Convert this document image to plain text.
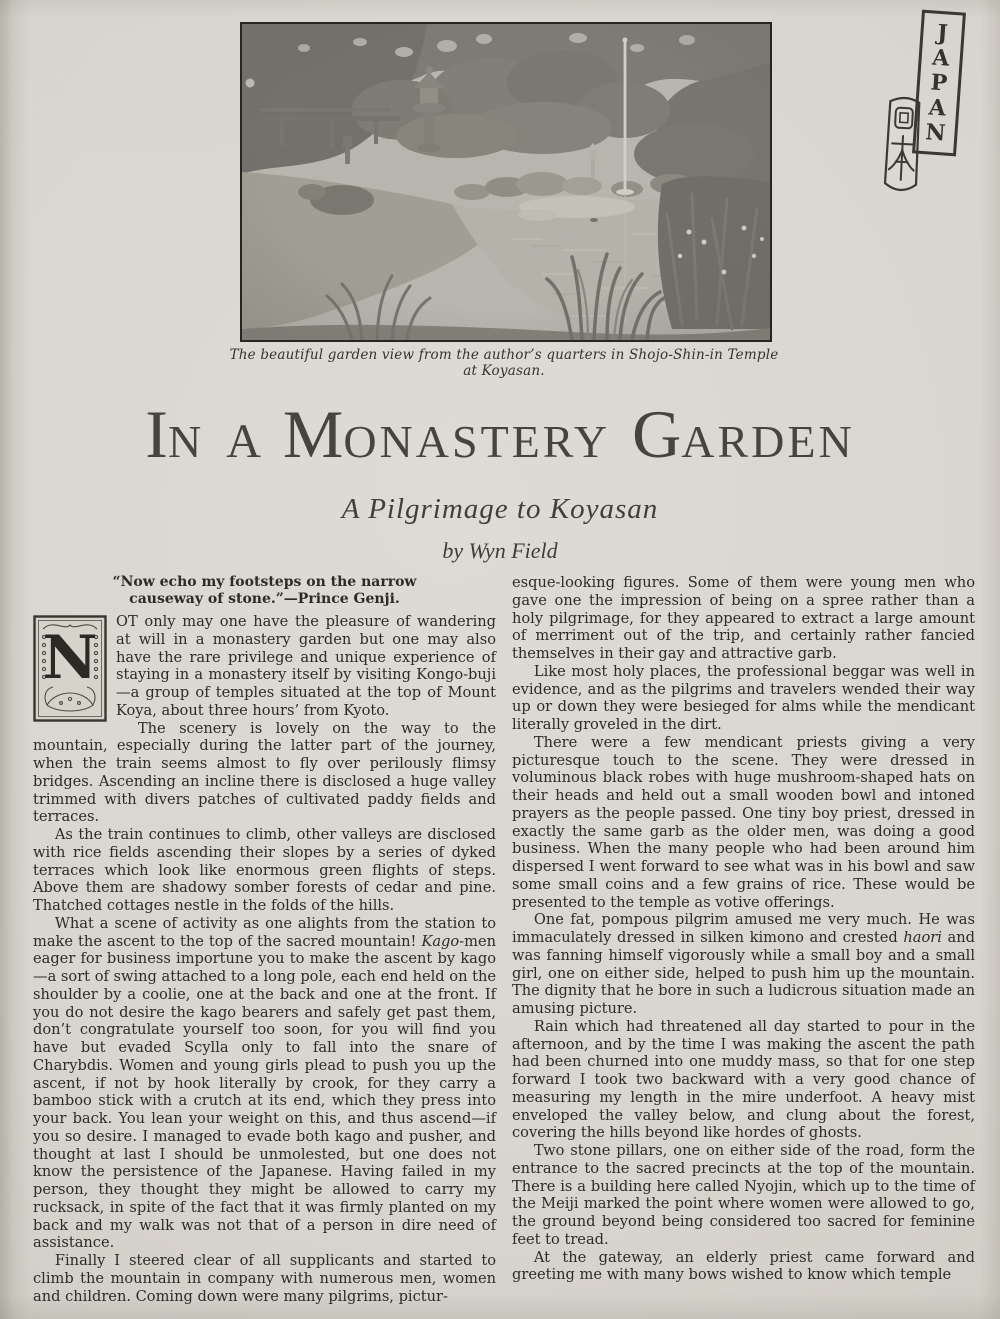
The beautiful garden view from the author’s quarters in Shojo-Shin-in Temple at Koyasan.
J
A
P
A
N
IN A MONASTERY GARDEN
A Pilgrimage to Koyasan
by Wyn Field
“Now echo my footsteps on the narrow
causeway of stone.”—Prince Genji.

N
OT only may one have the pleasure of wandering at will in a monastery garden but one may also have the rare privilege and unique experience of staying in a monastery itself by visiting Kongo-buji—a group of temples situated at the top of Mount Koya, about three hours’ from Kyoto.

The scenery is lovely on the way to the mountain, especially during the latter part of the journey, when the train seems almost to fly over perilously flimsy bridges. Ascending an incline there is disclosed a huge valley trimmed with divers patches of cultivated paddy fields and terraces.

As the train continues to climb, other valleys are disclosed with rice fields ascending their slopes by a series of dyked terraces which look like enormous green flights of steps. Above them are shadowy somber forests of cedar and pine. Thatched cottages nestle in the folds of the hills.

What a scene of activity as one alights from the station to make the ascent to the top of the sacred mountain! Kago-men eager for business importune you to make the ascent by kago—a sort of swing attached to a long pole, each end held on the shoulder by a coolie, one at the back and one at the front. If you do not desire the kago bearers and safely get past them, don’t congratulate yourself too soon, for you will find you have but evaded Scylla only to fall into the snare of Charybdis. Women and young girls plead to push you up the ascent, if not by hook literally by crook, for they carry a bamboo stick with a crutch at its end, which they press into your back. You lean your weight on this, and thus ascend—if you so desire. I managed to evade both kago and pusher, and thought at last I should be unmolested, but one does not know the persistence of the Japanese. Having failed in my person, they thought they might be allowed to carry my rucksack, in spite of the fact that it was firmly planted on my back and my walk was not that of a person in dire need of assistance.

Finally I steered clear of all supplicants and started to climb the mountain in company with numerous men, women and children. Coming down were many pilgrims, pictur-

esque-looking figures. Some of them were young men who gave one the impression of being on a spree rather than a holy pilgrimage, for they appeared to extract a large amount of merriment out of the trip, and certainly rather fancied themselves in their gay and attractive garb.

Like most holy places, the professional beggar was well in evidence, and as the pilgrims and travelers wended their way up or down they were besieged for alms while the mendicant literally groveled in the dirt.

There were a few mendicant priests giving a very picturesque touch to the scene. They were dressed in voluminous black robes with huge mushroom-shaped hats on their heads and held out a small wooden bowl and intoned prayers as the people passed. One tiny boy priest, dressed in exactly the same garb as the older men, was doing a good business. When the many people who had been around him dispersed I went forward to see what was in his bowl and saw some small coins and a few grains of rice. These would be presented to the temple as votive offerings.

One fat, pompous pilgrim amused me very much. He was immaculately dressed in silken kimono and crested haori and was fanning himself vigorously while a small boy and a small girl, one on either side, helped to push him up the mountain. The dignity that he bore in such a ludicrous situation made an amusing picture.

Rain which had threatened all day started to pour in the afternoon, and by the time I was making the ascent the path had been churned into one muddy mass, so that for one step forward I took two backward with a very good chance of measuring my length in the mire underfoot. A heavy mist enveloped the valley below, and clung about the forest, covering the hills beyond like hordes of ghosts.

Two stone pillars, one on either side of the road, form the entrance to the sacred precincts at the top of the mountain. There is a building here called Nyojin, which up to the time of the Meiji marked the point where women were allowed to go, the ground beyond being considered too sacred for feminine feet to tread.

At the gateway, an elderly priest came forward and greeting me with many bows wished to know which temple
